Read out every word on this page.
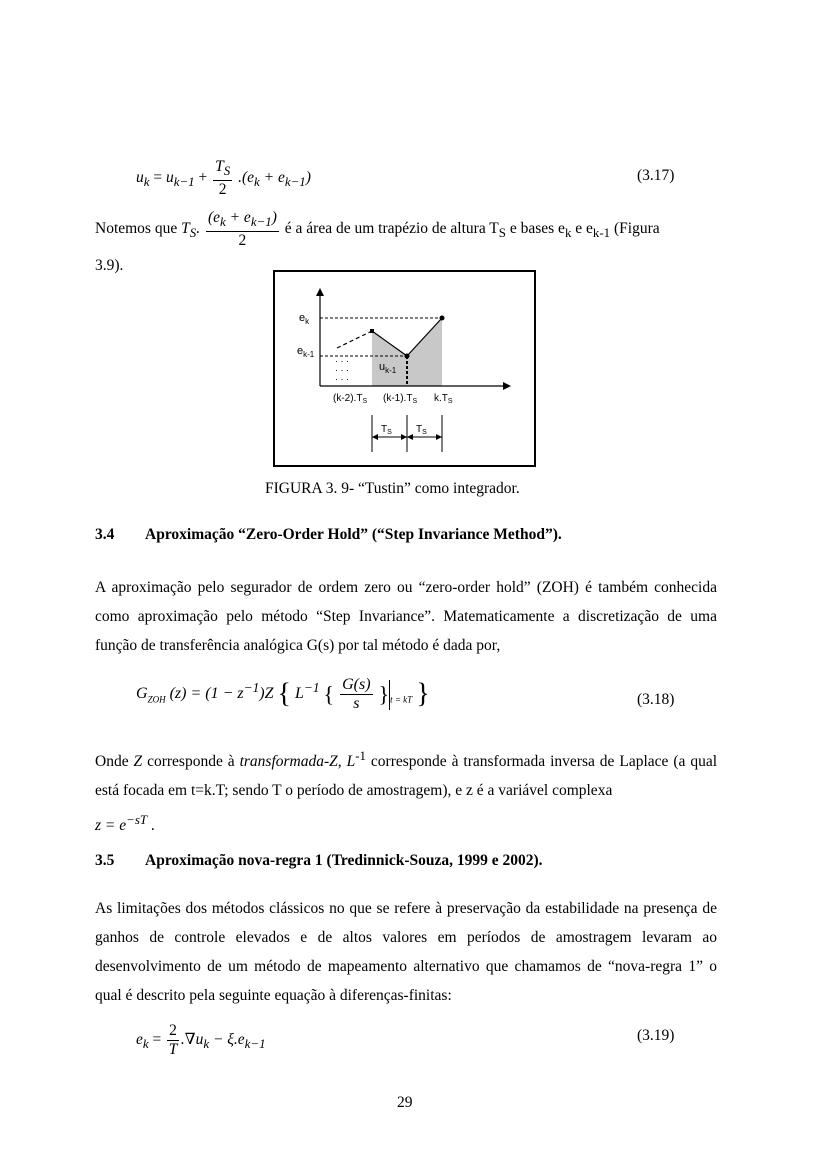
$u_k = u_{k-1} + \frac{T_S}{2} .(e_k + e_{k-1})$	(3.17)
Notemos que $T_S$. $\frac{(e_k + e_{k-1})}{2}$ é a área de um trapézio de altura $T_S$ e bases $e_k$ e $e_{k-1}$ (Figura
3.9).
$e_k$
$e_{k-1}$
· · ·
· · ·
· · ·
$u_{k-1}$
$(k-2).T_S$ $(k-1).T_S$ $k.T_S$
$T_S$ $T_S$
FIGURA 3. 9- “Tustin” como integrador.
3.4 Aproximação “Zero-Order Hold” (“Step Invariance Method”).
A aproximação pelo segurador de ordem zero ou “zero-order hold” (ZOH) é também conhecida como aproximação pelo método “Step Invariance”. Matematicamente a discretização de uma função de transferência analógica G(s) por tal método é dada por,
$G_{ZOH}$ $(z) = (1 - z^{-1})Z$ { $L^{-1}$ { $\frac{G(s)}{s} \}_{t = kT}$ }	(3.18)
Onde Z corresponde à transformada-Z, $L^{-1}$ corresponde à transformada inversa de Laplace (a qual está focada em t=k.T; sendo T o período de amostragem), e z é a variável complexa
$z = e^{-sT}$ .
3.5 Aproximação nova-regra 1 (Tredinnick-Souza, 1999 e 2002).
As limitações dos métodos clássicos no que se refere à preservação da estabilidade na presença de ganhos de controle elevados e de altos valores em períodos de amostragem levaram ao desenvolvimento de um método de mapeamento alternativo que chamamos de “nova-regra 1” o qual é descrito pela seguinte equação à diferenças-finitas:
$e_k = \frac{2}{T} .\nabla u_k - \xi.e_{k-1}$	(3.19)
29
